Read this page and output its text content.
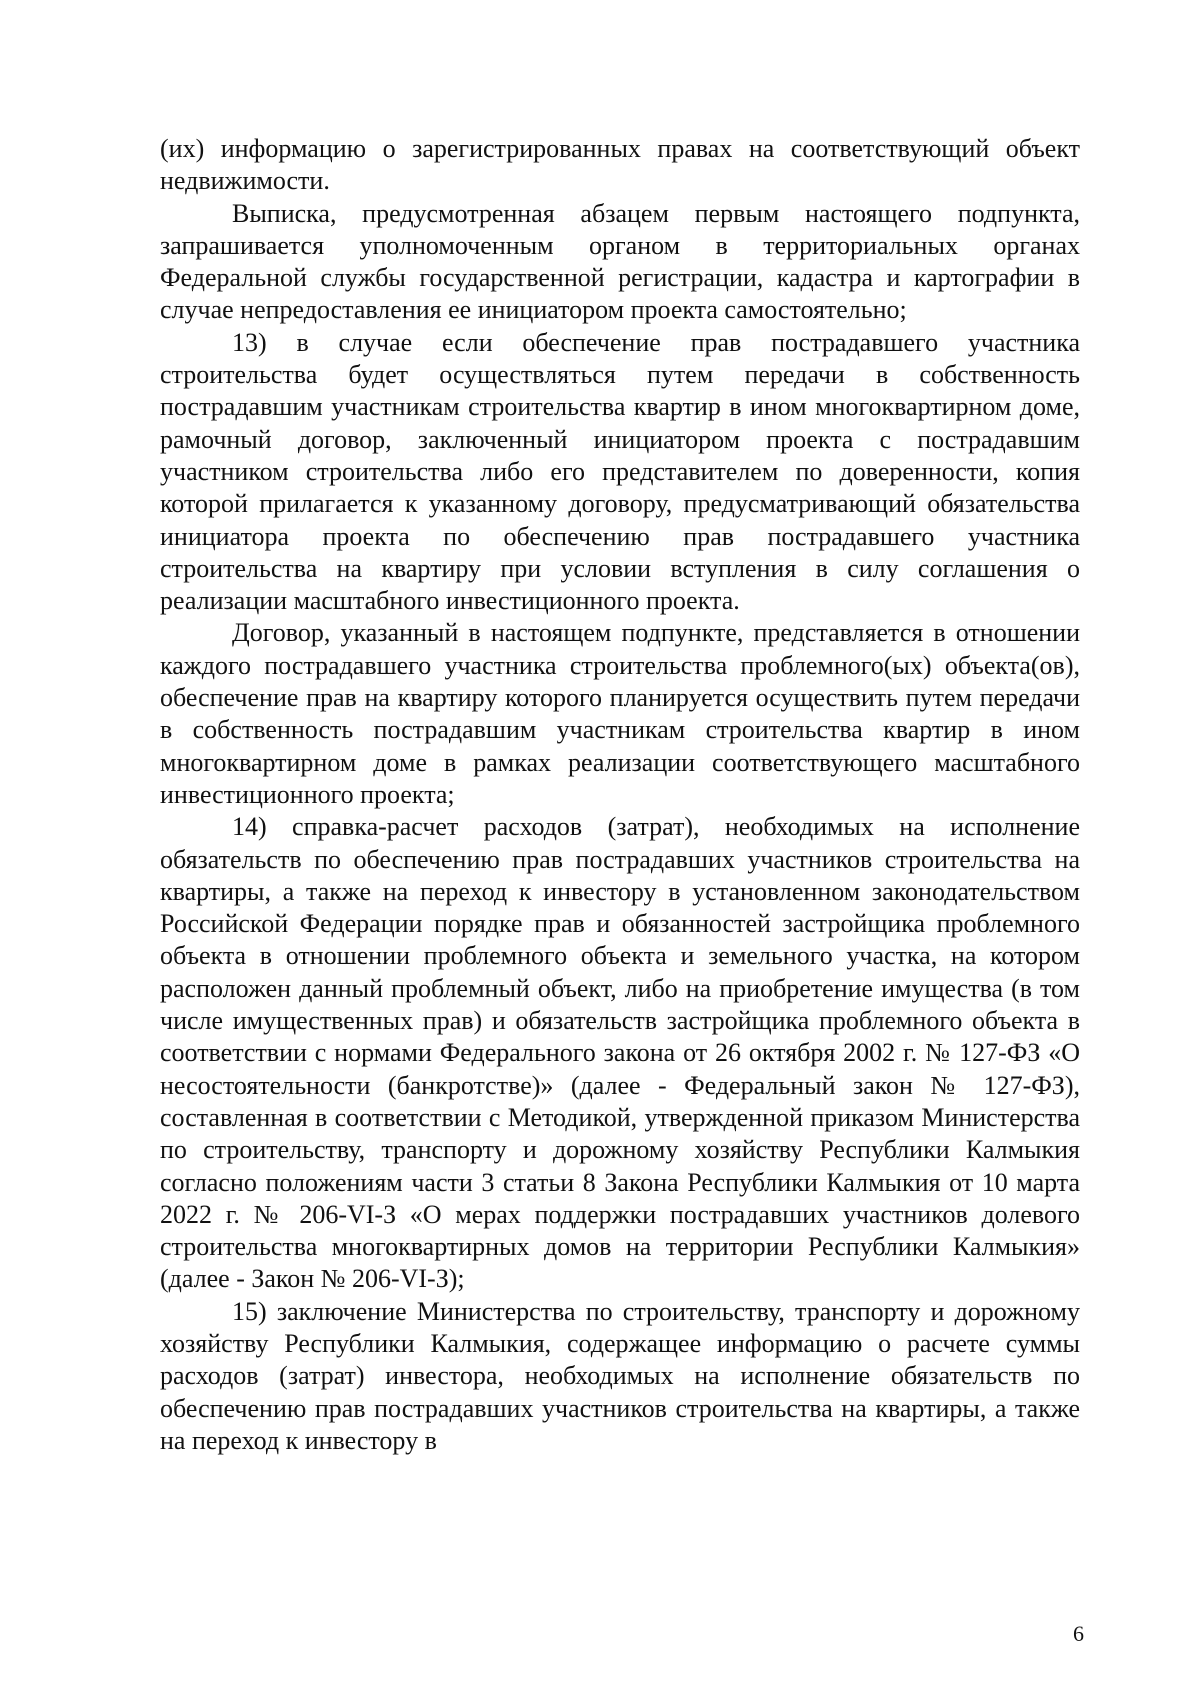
(их) информацию о зарегистрированных правах на соответствующий объект недвижимости.

Выписка, предусмотренная абзацем первым настоящего подпункта, запрашивается уполномоченным органом в территориальных органах Федеральной службы государственной регистрации, кадастра и картографии в случае непредоставления ее инициатором проекта самостоятельно;

13) в случае если обеспечение прав пострадавшего участника строительства будет осуществляться путем передачи в собственность пострадавшим участникам строительства квартир в ином многоквартирном доме, рамочный договор, заключенный инициатором проекта с пострадавшим участником строительства либо его представителем по доверенности, копия которой прилагается к указанному договору, предусматривающий обязательства инициатора проекта по обеспечению прав пострадавшего участника строительства на квартиру при условии вступления в силу соглашения о реализации масштабного инвестиционного проекта.

Договор, указанный в настоящем подпункте, представляется в отношении каждого пострадавшего участника строительства проблемного(ых) объекта(ов), обеспечение прав на квартиру которого планируется осуществить путем передачи в собственность пострадавшим участникам строительства квартир в ином многоквартирном доме в рамках реализации соответствующего масштабного инвестиционного проекта;

14) справка-расчет расходов (затрат), необходимых на исполнение обязательств по обеспечению прав пострадавших участников строительства на квартиры, а также на переход к инвестору в установленном законодательством Российской Федерации порядке прав и обязанностей застройщика проблемного объекта в отношении проблемного объекта и земельного участка, на котором расположен данный проблемный объект, либо на приобретение имущества (в том числе имущественных прав) и обязательств застройщика проблемного объекта в соответствии с нормами Федерального закона от 26 октября 2002 г. № 127-ФЗ «О несостоятельности (банкротстве)» (далее - Федеральный закон № 127-ФЗ), составленная в соответствии с Методикой, утвержденной приказом Министерства по строительству, транспорту и дорожному хозяйству Республики Калмыкия согласно положениям части 3 статьи 8 Закона Республики Калмыкия от 10 марта 2022 г. № 206-VI-З «О мерах поддержки пострадавших участников долевого строительства многоквартирных домов на территории Республики Калмыкия» (далее - Закон № 206-VI-З);

15) заключение Министерства по строительству, транспорту и дорожному хозяйству Республики Калмыкия, содержащее информацию о расчете суммы расходов (затрат) инвестора, необходимых на исполнение обязательств по обеспечению прав пострадавших участников строительства на квартиры, а также на переход к инвестору в

6
